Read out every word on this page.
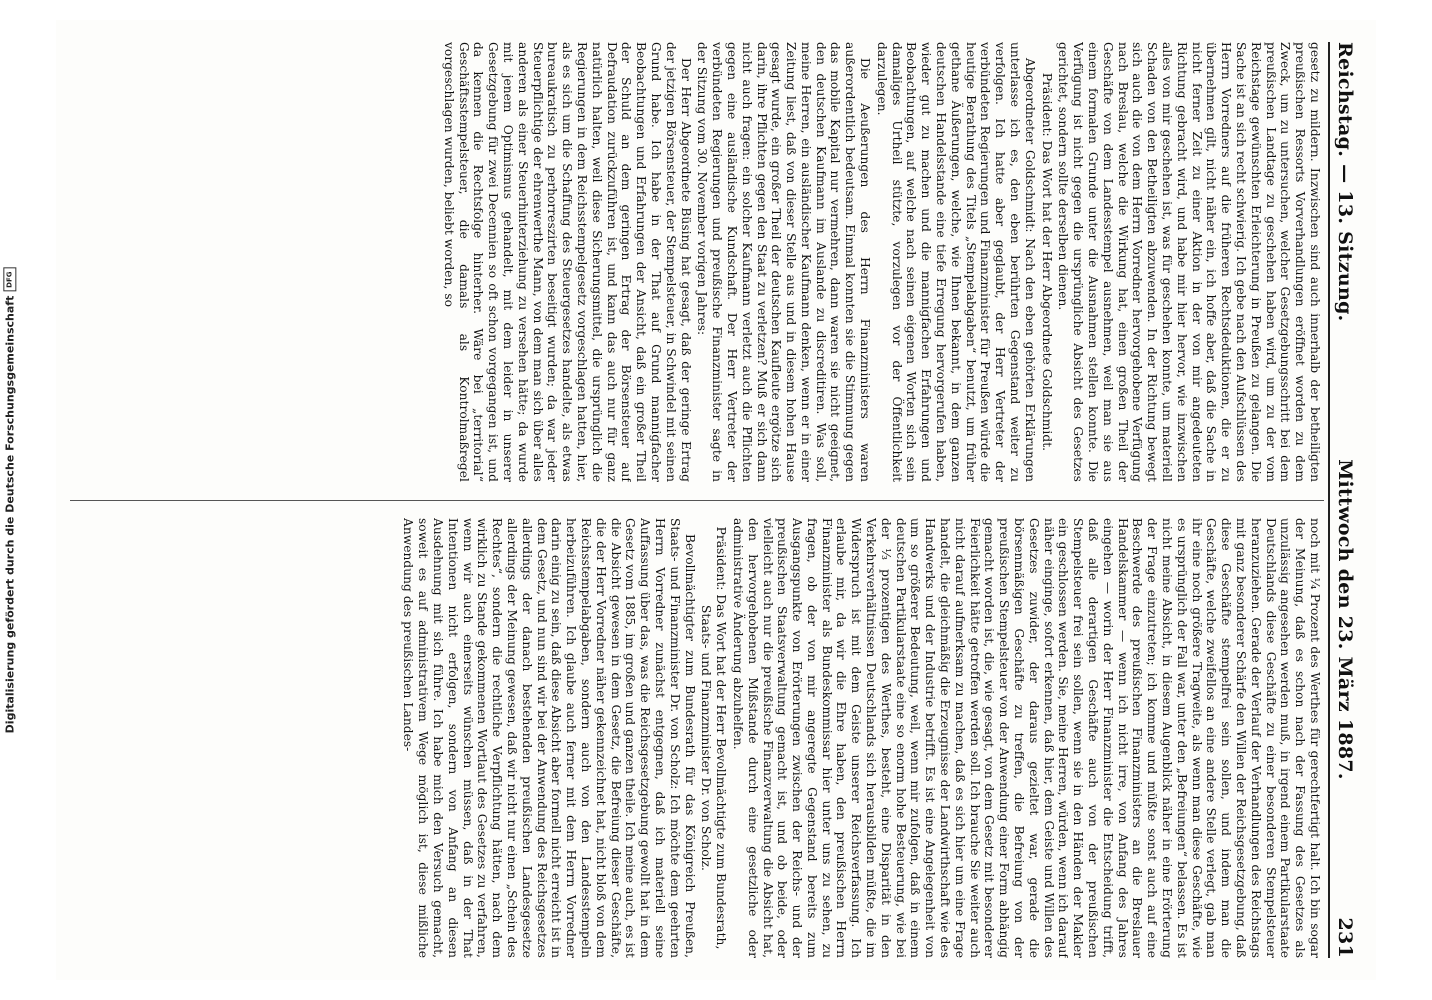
Reichstag. — 13. Sitzung.
Mittwoch den 23. März 1887.
231

gesetz zu mildern. Inzwischen sind auch innerhalb der betheiligten preußischen Ressorts Vorverhandlungen eröffnet worden zu dem Zweck, um zu untersuchen, welcher Gesetzgebungsschritt bei dem preußischen Landtage zu geschehen haben wird, um zu der vom Reichstage gewünschten Erleichterung in Preußen zu gelangen. Die Sache ist an sich recht schwierig. Ich gebe nach den Aufschlüssen des Herrn Vorredners auf die früheren Rechtsdeduktionen, die er zu übernehmen gilt, nicht näher ein, ich hoffe aber, daß die Sache in nicht ferner Zeit zu einer Aktion in der von mir angedeuteten Richtung gebracht wird, und habe mir hier hervor, wie inzwischen alles von mir geschehen ist, was für geschehen konnte, um materiell Schaden von den Betheiligten abzuwenden. In der Richtung bewegt sich auch die von dem Herrn Vorredner hervorgehobene Verfügung nach Breslau, welche die Wirkung hat, einen großen Theil der Geschäfte von dem Landesstempel ausnehmen, weil man sie aus einem formalen Grunde unter die Ausnahmen stellen konnte. Die Verfügung ist nicht gegen die ursprüngliche Absicht des Gesetzes gerichtet, sondern sollte derselben dienen.

Präsident: Das Wort hat der Herr Abgeordnete Goldschmidt.

Abgeordneter Goldschmidt: Nach den eben gehörten Erklärungen unterlasse ich es, den eben berührten Gegenstand weiter zu verfolgen. Ich hatte aber geglaubt, der Herr Vertreter der verbündeten Regierungen und Finanzminister für Preußen würde die heutige Berathung des Titels „Stempelabgaben“ benutzt, um früher gethane Äußerungen, welche, wie Ihnen bekannt, in dem ganzen deutschen Handelsstande eine tiefe Erregung hervorgerufen haben, wieder gut zu machen und die mannigfachen Erfahrungen und Beobachtungen, auf welche nach seinen eigenen Worten sich sein damaliges Urtheil stützte, vorzulegen vor der Öffentlichkeit darzulegen.

Die Aeußerungen des Herrn Finanzministers waren außerordentlich bedeutsam. Einmal konnten sie die Stimmung gegen das mobile Kapital nur vermehren, dann waren sie nicht geeignet, den deutschen Kaufmann im Auslande zu discreditiren. Was soll, meine Herren, ein ausländischer Kaufmann denken, wenn er in einer Zeitung liest, daß von dieser Stelle aus und in diesem hohen Hause gesagt wurde, ein großer Theil der deutschen Kaufleute ergötze sich darin, ihre Pflichten gegen den Staat zu verletzen? Muß er sich dann nicht auch fragen: ein solcher Kaufmann verletzt auch die Pflichten gegen eine ausländische Kundschaft. Der Herr Vertreter der verbündeten Regierungen und preußische Finanzminister sagte in der Sitzung vom 30. November vorigen Jahres:

Der Herr Abgeordnete Büsing hat gesagt, daß der geringe Ertrag der jetzigen Börsensteuer, der Stempelsteuer, in Schwindel mit seinen Grund habe. Ich habe in der That auf Grund mannigfacher Beobachtungen und Erfahrungen der Ansicht, daß ein großer Theil der Schuld an dem geringen Ertrag der Börsensteuer auf Defraudation zurückzuführen ist, und kann das auch nur für ganz natürlich halten, weil diese Sicherungsmittel, die ursprünglich die Regierungen in dem Reichsstempelgesetz vorgeschlagen hatten, hier, als es sich um die Schaffung des Steuergesetzes handelte, als etwas bureaukratisch zu perhorreszirten beseitigt wurden; da war jeder Steuerpflichtige der ehrenwerthe Mann, von dem man sich über alles anderen als einer Steuerhinterziehung zu versehen hätte; da wurde mit jenem Optimismus gehandelt, mit dem leider in unserer Gesetzgebung für zwei Decennien so oft schon vorgegangen ist, und da kennen die Rechtsfolge hinterher. Wäre bei „territorial“ Geschäftsstempelsteuer, die damals als Kontrolmaßregel vorgeschlagen wurden, beliebt worden, so

noch mit ¼ Prozent des Werthes für gerechtfertigt halt. Ich bin sogar der Meinung, daß es schon nach der Fassung des Gesetzes als unzulässig angesehen werden muß, in irgend einem Partikularstaate Deutschlands diese Geschäfte zu einer besonderen Stempelsteuer heranzuziehen. Gerade der Verlauf der Verhandlungen des Reichstags mit ganz besonderer Schärfe den Willen der Reichsgesetzgebung, daß diese Geschäfte stempelfrei sein sollen, und indem man die Geschäfte, welche zweifellos an eine andere Stelle verlegt, gab man ihr eine noch größere Tragweite, als wenn man diese Geschäfte, wie es ursprünglich der Fall war, unter den „Befreiungen“ belassen. Es ist nicht meine Absicht, in diesem Augenblick näher in eine Erörterung der Frage einzutreten; ich komme und müßte sonst auch auf eine Beschwerde des preußischen Finanzministers an die Breslauer Handelskammer — wenn ich nicht irre, von Anfang des Jahres eingehen — worin der Herr Finanzminister die Entscheidung trifft, daß alle derartigen Geschäfte auch von der preußischen Stempelsteuer frei sein sollen, wenn sie in den Händen der Makler ein geschlossen werden. Sie, meine Herren, würden, wenn ich darauf näher einginge, sofort erkennen, daß hier, dem Geiste und Willen des Gesetzes zuwider, der daraus gezieltet war, gerade die börsenmäßigen Geschäfte zu treffen, die Befreiung von der preußischen Stempelsteuer von der Anwendung einer Form abhängig gemacht worden ist, die, wie gesagt, von dem Gesetz mit besonderer Feierlichkeit hätte getroffen werden soll. Ich brauche Sie weiter auch nicht darauf aufmerksam zu machen, daß es sich hier um eine Frage handelt, die gleichmäßig die Erzeugnisse der Landwirthschaft wie des Handwerks und der Industrie betrifft. Es ist eine Angelegenheit von um so größerer Bedeutung, weil, wenn mir zufolgen, daß in einem deutschen Partikularstaate eine so enorm hohe Besteuerung, wie bei der ⅓ prozentigen des Werthes, besteht, eine Disparität in den Verkehrsverhältnissen Deutschlands sich herausbilden müßte, die im Widerspruch ist mit dem Geiste unserer Reichsverfassung. Ich erlaube mir, da wir die Ehre haben, den preußischen Herrn Finanzminister als Bundeskommissar hier unter uns zu sehen, zu fragen, ob der von mir angeregte Gegenstand bereits zum Ausgangspunkte von Erörterungen zwischen der Reichs- und der preußischen Staatsverwaltung gemacht ist, und ob beide, oder vielleicht auch nur die preußische Finanzverwaltung die Absicht hat, den hervorgehobenen Mißstande durch eine gesetzliche oder administrative Änderung abzuhelfen.

Präsident: Das Wort hat der Herr Bevollmächtigte zum Bundesrath, Staats- und Finanzminister Dr. von Scholz.

Bevollmächtigter zum Bundesrath für das Königreich Preußen, Staats- und Finanzminister Dr. von Scholz: Ich möchte dem geehrten Herrn Vorredner zunächst entgegnen, daß ich materiell seine Auffassung über das, was die Reichsgesetzgebung gewollt hat in dem Gesetz vom 1885, im großen und ganzen theile. Ich meine auch, es ist die Absicht gewesen in dem Gesetz, die Befreiung dieser Geschäfte, die der Herr Vorredner näher gekennzeichnet hat, nicht bloß von dem Reichsstempelabgaben, sondern auch von den Landesstempeln herbeizuführen. Ich glaube auch ferner mit dem Herrn Vorredner darin einig zu sein, daß diese Absicht aber formell nicht erreicht ist in dem Gesetz, und nun sind wir bei der Anwendung des Reichsgesetzes allerdings der danach bestehenden preußischen Landesgesetze allerdings der Meinung gewesen, daß wir nicht nur einen „Schein des Rechtes“, sondern die rechtliche Verpflichtung hätten, nach dem wirklich zu Stande gekommenen Wortlaut des Gesetzes zu verfahren, wenn wir auch einerseits wünschen müssen, daß in der That Intentionen nicht erfolgen, sondern von Anfang an diesen Ausdehnung mit sich führe. Ich habe mich den Versuch gemacht, soweit es auf administrativem Wege möglich ist, diese mißliche Anwendung des preußischen Landes-

Digitalisierung gefördert durch die Deutsche Forschungsgemeinschaft
DFG
